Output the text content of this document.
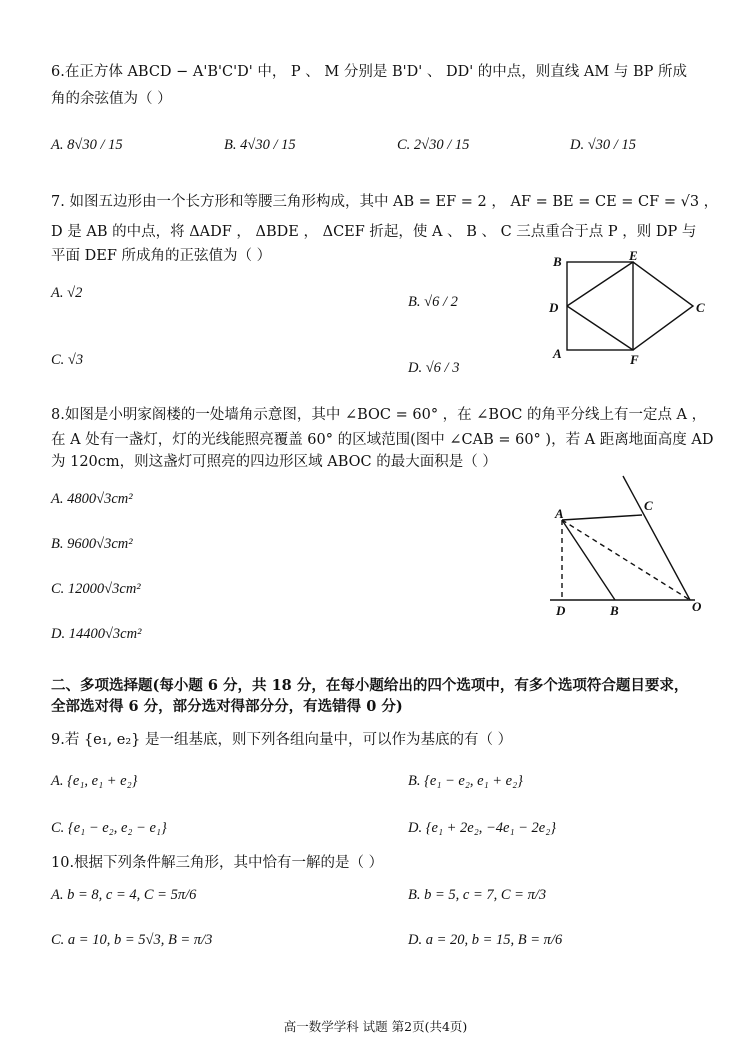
6.在正方体 ABCD − A'B'C'D' 中， P 、 M 分别是 B'D' 、 DD' 的中点，则直线 AM 与 BP 所成
角的余弦值为（ ）
A. 8√30 / 15	B. 4√30 / 15	C. 2√30 / 15	D. √30 / 15
7. 如图五边形由一个长方形和等腰三角形构成，其中 AB = EF = 2 ， AF = BE = CE = CF = √3 ，
D 是 AB 的中点，将 ΔADF ， ΔBDE ， ΔCEF 折起，使 A 、 B 、 C 三点重合于点 P ，则 DP 与
平面 DEF 所成角的正弦值为（ ）
A. √2
B. √6 / 2
C. √3	D. √6 / 3
B	E
D	C
A	F
8.如图是小明家阁楼的一处墙角示意图，其中 ∠BOC = 60° ，在 ∠BOC 的角平分线上有一定点 A ，
在 A 处有一盏灯，灯的光线能照亮覆盖 60° 的区域范围(图中 ∠CAB = 60° )，若 A 距离地面高度 AD
为 120cm，则这盏灯可照亮的四边形区域 ABOC 的最大面积是（ ）
A. 4800√3cm²
B. 9600√3cm²
C. 12000√3cm²
D. 14400√3cm²
A
C
D	B	O
二、多项选择题(每小题 6 分，共 18 分，在每小题给出的四个选项中，有多个选项符合题目要求，
全部选对得 6 分，部分选对得部分分，有选错得 0 分)
9.若 {e₁, e₂} 是一组基底，则下列各组向量中，可以作为基底的有（ ）
A. {e₁, e₁ + e₂}	B. {e₁ − e₂, e₁ + e₂}
C. {e₁ − e₂, e₂ − e₁}	D. {e₁ + 2e₂, −4e₁ − 2e₂}
10.根据下列条件解三角形，其中恰有一解的是（ ）
A. b = 8, c = 4, C = 5π/6	B. b = 5, c = 7, C = π/3
C. a = 10, b = 5√3, B = π/3	D. a = 20, b = 15, B = π/6
高一数学学科 试题 第2页(共4页)
